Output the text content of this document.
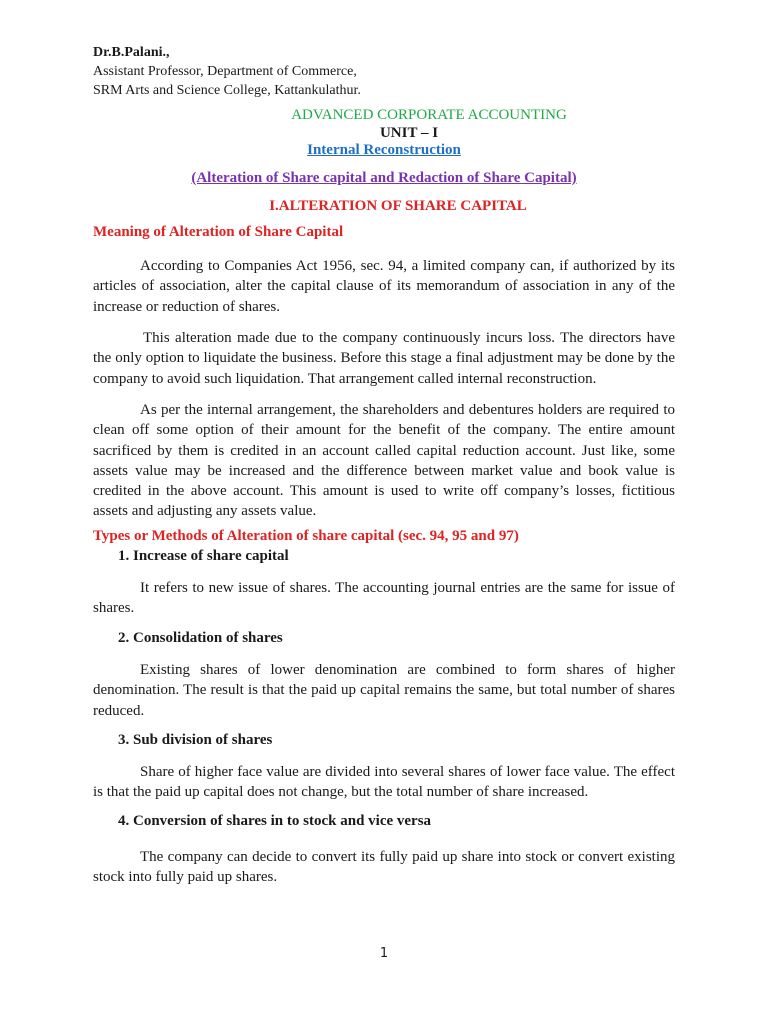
Dr.B.Palani.,
Assistant Professor, Department of Commerce,
SRM Arts and Science College, Kattankulathur.
ADVANCED CORPORATE ACCOUNTING
UNIT – I
Internal Reconstruction
(Alteration of Share capital and Redaction of Share Capital)
I.ALTERATION OF SHARE CAPITAL
Meaning of Alteration of Share Capital
According to Companies Act 1956, sec. 94, a limited company can, if authorized by its articles of association, alter the capital clause of its memorandum of association in any of the increase or reduction of shares.
This alteration made due to the company continuously incurs loss. The directors have the only option to liquidate the business. Before this stage a final adjustment may be done by the company to avoid such liquidation. That arrangement called internal reconstruction.
As per the internal arrangement, the shareholders and debentures holders are required to clean off some option of their amount for the benefit of the company. The entire amount sacrificed by them is credited in an account called capital reduction account. Just like, some assets value may be increased and the difference between market value and book value is credited in the above account. This amount is used to write off company’s losses, fictitious assets and adjusting any assets value.
Types or Methods of Alteration of share capital (sec. 94, 95 and 97)
1. Increase of share capital
It refers to new issue of shares. The accounting journal entries are the same for issue of shares.
2. Consolidation of shares
Existing shares of lower denomination are combined to form shares of higher denomination. The result is that the paid up capital remains the same, but total number of shares reduced.
3. Sub division of shares
Share of higher face value are divided into several shares of lower face value. The effect is that the paid up capital does not change, but the total number of share increased.
4. Conversion of shares in to stock and vice versa
The company can decide to convert its fully paid up share into stock or convert existing stock into fully paid up shares.
1
